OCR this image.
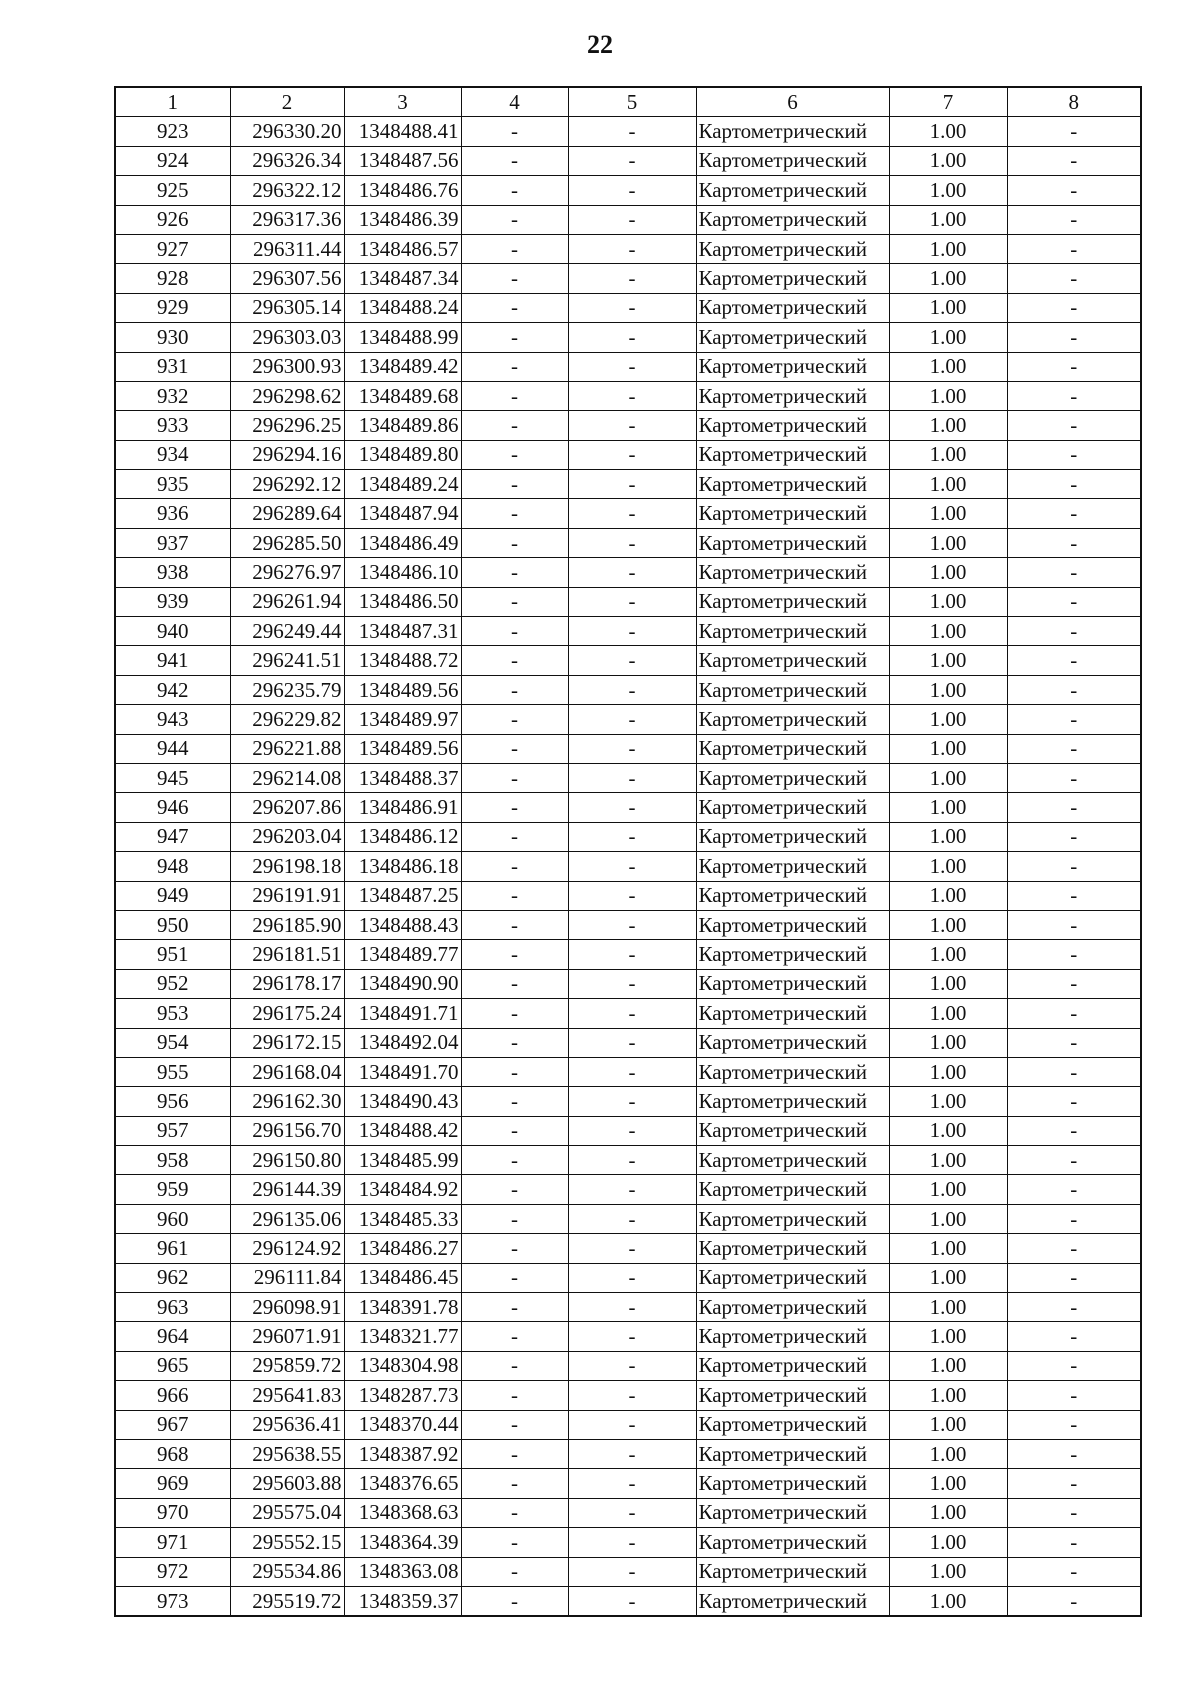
22
1	2	3	4	5	6	7	8
923	296330.20	1348488.41	-	-	Картометрический	1.00	-
924	296326.34	1348487.56	-	-	Картометрический	1.00	-
925	296322.12	1348486.76	-	-	Картометрический	1.00	-
926	296317.36	1348486.39	-	-	Картометрический	1.00	-
927	296311.44	1348486.57	-	-	Картометрический	1.00	-
928	296307.56	1348487.34	-	-	Картометрический	1.00	-
929	296305.14	1348488.24	-	-	Картометрический	1.00	-
930	296303.03	1348488.99	-	-	Картометрический	1.00	-
931	296300.93	1348489.42	-	-	Картометрический	1.00	-
932	296298.62	1348489.68	-	-	Картометрический	1.00	-
933	296296.25	1348489.86	-	-	Картометрический	1.00	-
934	296294.16	1348489.80	-	-	Картометрический	1.00	-
935	296292.12	1348489.24	-	-	Картометрический	1.00	-
936	296289.64	1348487.94	-	-	Картометрический	1.00	-
937	296285.50	1348486.49	-	-	Картометрический	1.00	-
938	296276.97	1348486.10	-	-	Картометрический	1.00	-
939	296261.94	1348486.50	-	-	Картометрический	1.00	-
940	296249.44	1348487.31	-	-	Картометрический	1.00	-
941	296241.51	1348488.72	-	-	Картометрический	1.00	-
942	296235.79	1348489.56	-	-	Картометрический	1.00	-
943	296229.82	1348489.97	-	-	Картометрический	1.00	-
944	296221.88	1348489.56	-	-	Картометрический	1.00	-
945	296214.08	1348488.37	-	-	Картометрический	1.00	-
946	296207.86	1348486.91	-	-	Картометрический	1.00	-
947	296203.04	1348486.12	-	-	Картометрический	1.00	-
948	296198.18	1348486.18	-	-	Картометрический	1.00	-
949	296191.91	1348487.25	-	-	Картометрический	1.00	-
950	296185.90	1348488.43	-	-	Картометрический	1.00	-
951	296181.51	1348489.77	-	-	Картометрический	1.00	-
952	296178.17	1348490.90	-	-	Картометрический	1.00	-
953	296175.24	1348491.71	-	-	Картометрический	1.00	-
954	296172.15	1348492.04	-	-	Картометрический	1.00	-
955	296168.04	1348491.70	-	-	Картометрический	1.00	-
956	296162.30	1348490.43	-	-	Картометрический	1.00	-
957	296156.70	1348488.42	-	-	Картометрический	1.00	-
958	296150.80	1348485.99	-	-	Картометрический	1.00	-
959	296144.39	1348484.92	-	-	Картометрический	1.00	-
960	296135.06	1348485.33	-	-	Картометрический	1.00	-
961	296124.92	1348486.27	-	-	Картометрический	1.00	-
962	296111.84	1348486.45	-	-	Картометрический	1.00	-
963	296098.91	1348391.78	-	-	Картометрический	1.00	-
964	296071.91	1348321.77	-	-	Картометрический	1.00	-
965	295859.72	1348304.98	-	-	Картометрический	1.00	-
966	295641.83	1348287.73	-	-	Картометрический	1.00	-
967	295636.41	1348370.44	-	-	Картометрический	1.00	-
968	295638.55	1348387.92	-	-	Картометрический	1.00	-
969	295603.88	1348376.65	-	-	Картометрический	1.00	-
970	295575.04	1348368.63	-	-	Картометрический	1.00	-
971	295552.15	1348364.39	-	-	Картометрический	1.00	-
972	295534.86	1348363.08	-	-	Картометрический	1.00	-
973	295519.72	1348359.37	-	-	Картометрический	1.00	-
